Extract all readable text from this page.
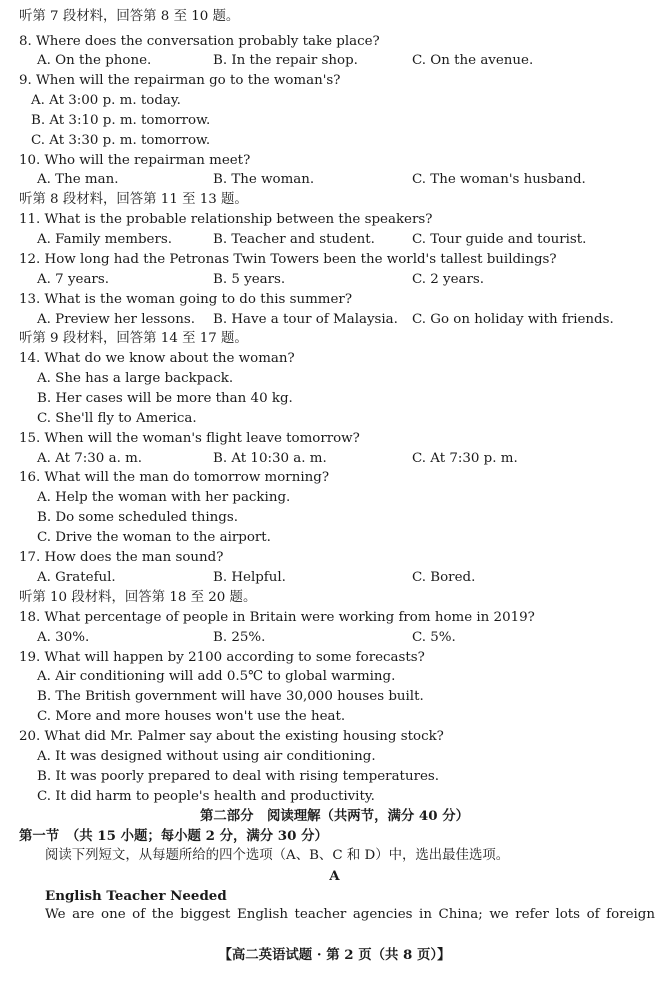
听第 7 段材料，回答第 8 至 10 题。
8. Where does the conversation probably take place?
A. On the phone.	B. In the repair shop.	C. On the avenue.
9. When will the repairman go to the woman's?
A. At 3:00 p. m. today.
B. At 3:10 p. m. tomorrow.
C. At 3:30 p. m. tomorrow.
10. Who will the repairman meet?
A. The man.	B. The woman.	C. The woman's husband.
听第 8 段材料，回答第 11 至 13 题。
11. What is the probable relationship between the speakers?
A. Family members.	B. Teacher and student.	C. Tour guide and tourist.
12. How long had the Petronas Twin Towers been the world's tallest buildings?
A. 7 years.	B. 5 years.	C. 2 years.
13. What is the woman going to do this summer?
A. Preview her lessons. B. Have a tour of Malaysia. C. Go on holiday with friends.
听第 9 段材料，回答第 14 至 17 题。
14. What do we know about the woman?
A. She has a large backpack.
B. Her cases will be more than 40 kg.
C. She'll fly to America.
15. When will the woman's flight leave tomorrow?
A. At 7:30 a. m.	B. At 10:30 a. m.	C. At 7:30 p. m.
16. What will the man do tomorrow morning?
A. Help the woman with her packing.
B. Do some scheduled things.
C. Drive the woman to the airport.
17. How does the man sound?
A. Grateful.	B. Helpful.	C. Bored.
听第 10 段材料，回答第 18 至 20 题。
18. What percentage of people in Britain were working from home in 2019?
A. 30%.	B. 25%.	C. 5%.
19. What will happen by 2100 according to some forecasts?
A. Air conditioning will add 0.5℃ to global warming.
B. The British government will have 30,000 houses built.
C. More and more houses won't use the heat.
20. What did Mr. Palmer say about the existing housing stock?
A. It was designed without using air conditioning.
B. It was poorly prepared to deal with rising temperatures.
C. It did harm to people's health and productivity.
第二部分　阅读理解（共两节，满分 40 分）
第一节　（共 15 小题；每小题 2 分，满分 30 分）
阅读下列短文，从每题所给的四个选项（A、B、C 和 D）中，选出最佳选项。
A
English Teacher Needed
We are one of the biggest English teacher agencies in China; we refer lots of foreign
【高二英语试题 · 第 2 页（共 8 页）】
